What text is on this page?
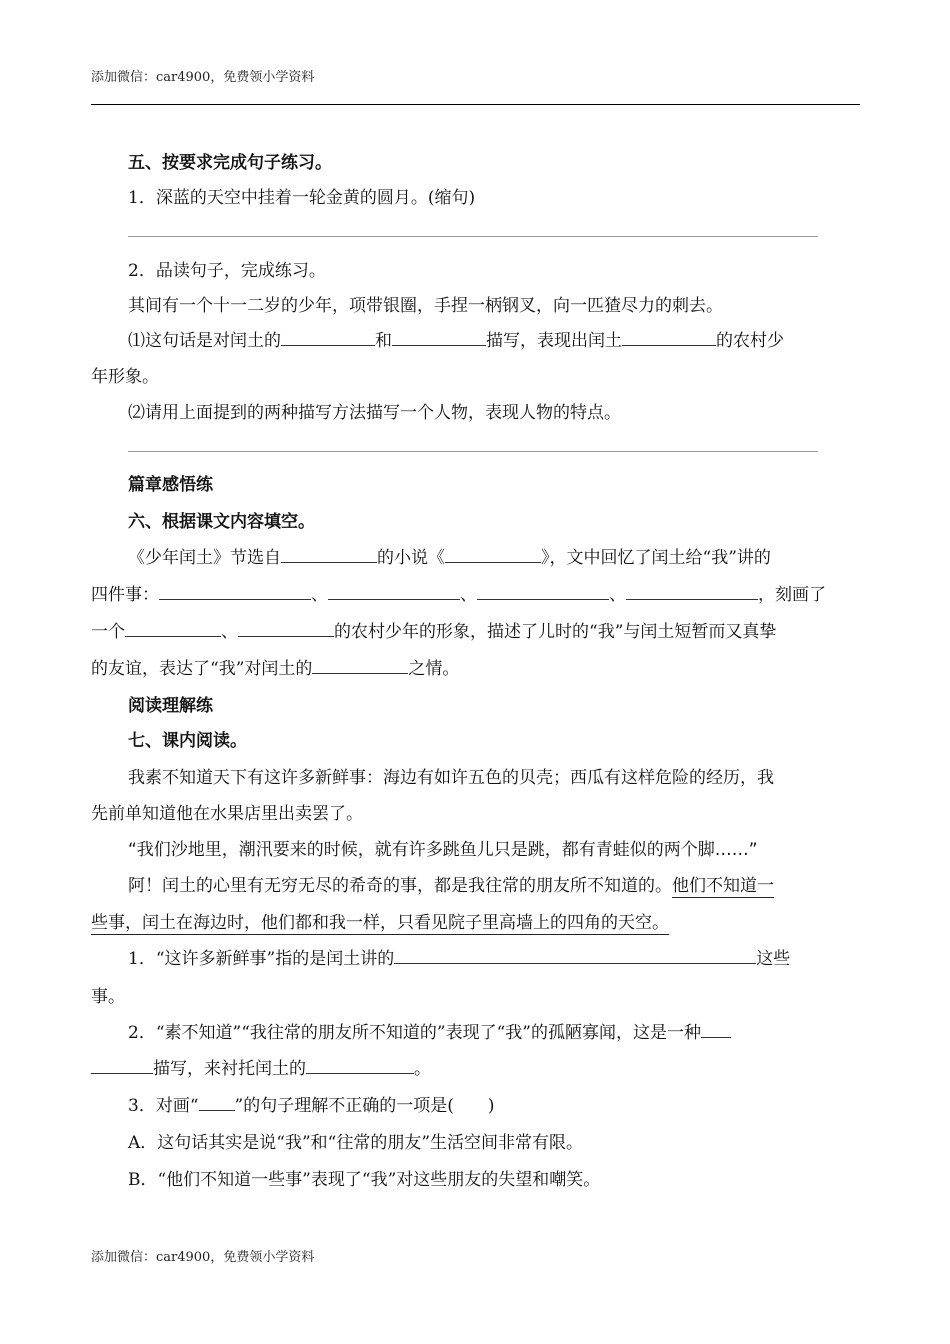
添加微信：car4900，免费领小学资料
五、按要求完成句子练习。
1．深蓝的天空中挂着一轮金黄的圆月。(缩句)
2．品读句子，完成练习。
其间有一个十一二岁的少年，项带银圈，手捏一柄钢叉，向一匹猹尽力的刺去。
⑴这句话是对闰土的	和	描写，表现出闰土	的农村少
年形象。
⑵请用上面提到的两种描写方法描写一个人物，表现人物的特点。
篇章感悟练
六、根据课文内容填空。
《少年闰土》节选自	的小说《	》，文中回忆了闰土给“我”讲的
四件事：	、	、	、	，刻画了
一个	、	的农村少年的形象，描述了儿时的“我”与闰土短暂而又真挚
的友谊，表达了“我”对闰土的	之情。
阅读理解练
七、课内阅读。
我素不知道天下有这许多新鲜事：海边有如许五色的贝壳；西瓜有这样危险的经历，我
先前单知道他在水果店里出卖罢了。
“我们沙地里，潮汛要来的时候，就有许多跳鱼儿只是跳，都有青蛙似的两个脚……”
阿！闰土的心里有无穷无尽的希奇的事，都是我往常的朋友所不知道的。他们不知道一
些事，闰土在海边时，他们都和我一样，只看见院子里高墙上的四角的天空。
1．“这许多新鲜事”指的是闰土讲的	这些
事。
2．“素不知道”“我往常的朋友所不知道的”表现了“我”的孤陋寡闻，这是一种
描写，来衬托闰土的	。
3．对画“ ”的句子理解不正确的一项是(　　)
A．这句话其实是说“我”和“往常的朋友”生活空间非常有限。
B．“他们不知道一些事”表现了“我”对这些朋友的失望和嘲笑。
添加微信：car4900，免费领小学资料
